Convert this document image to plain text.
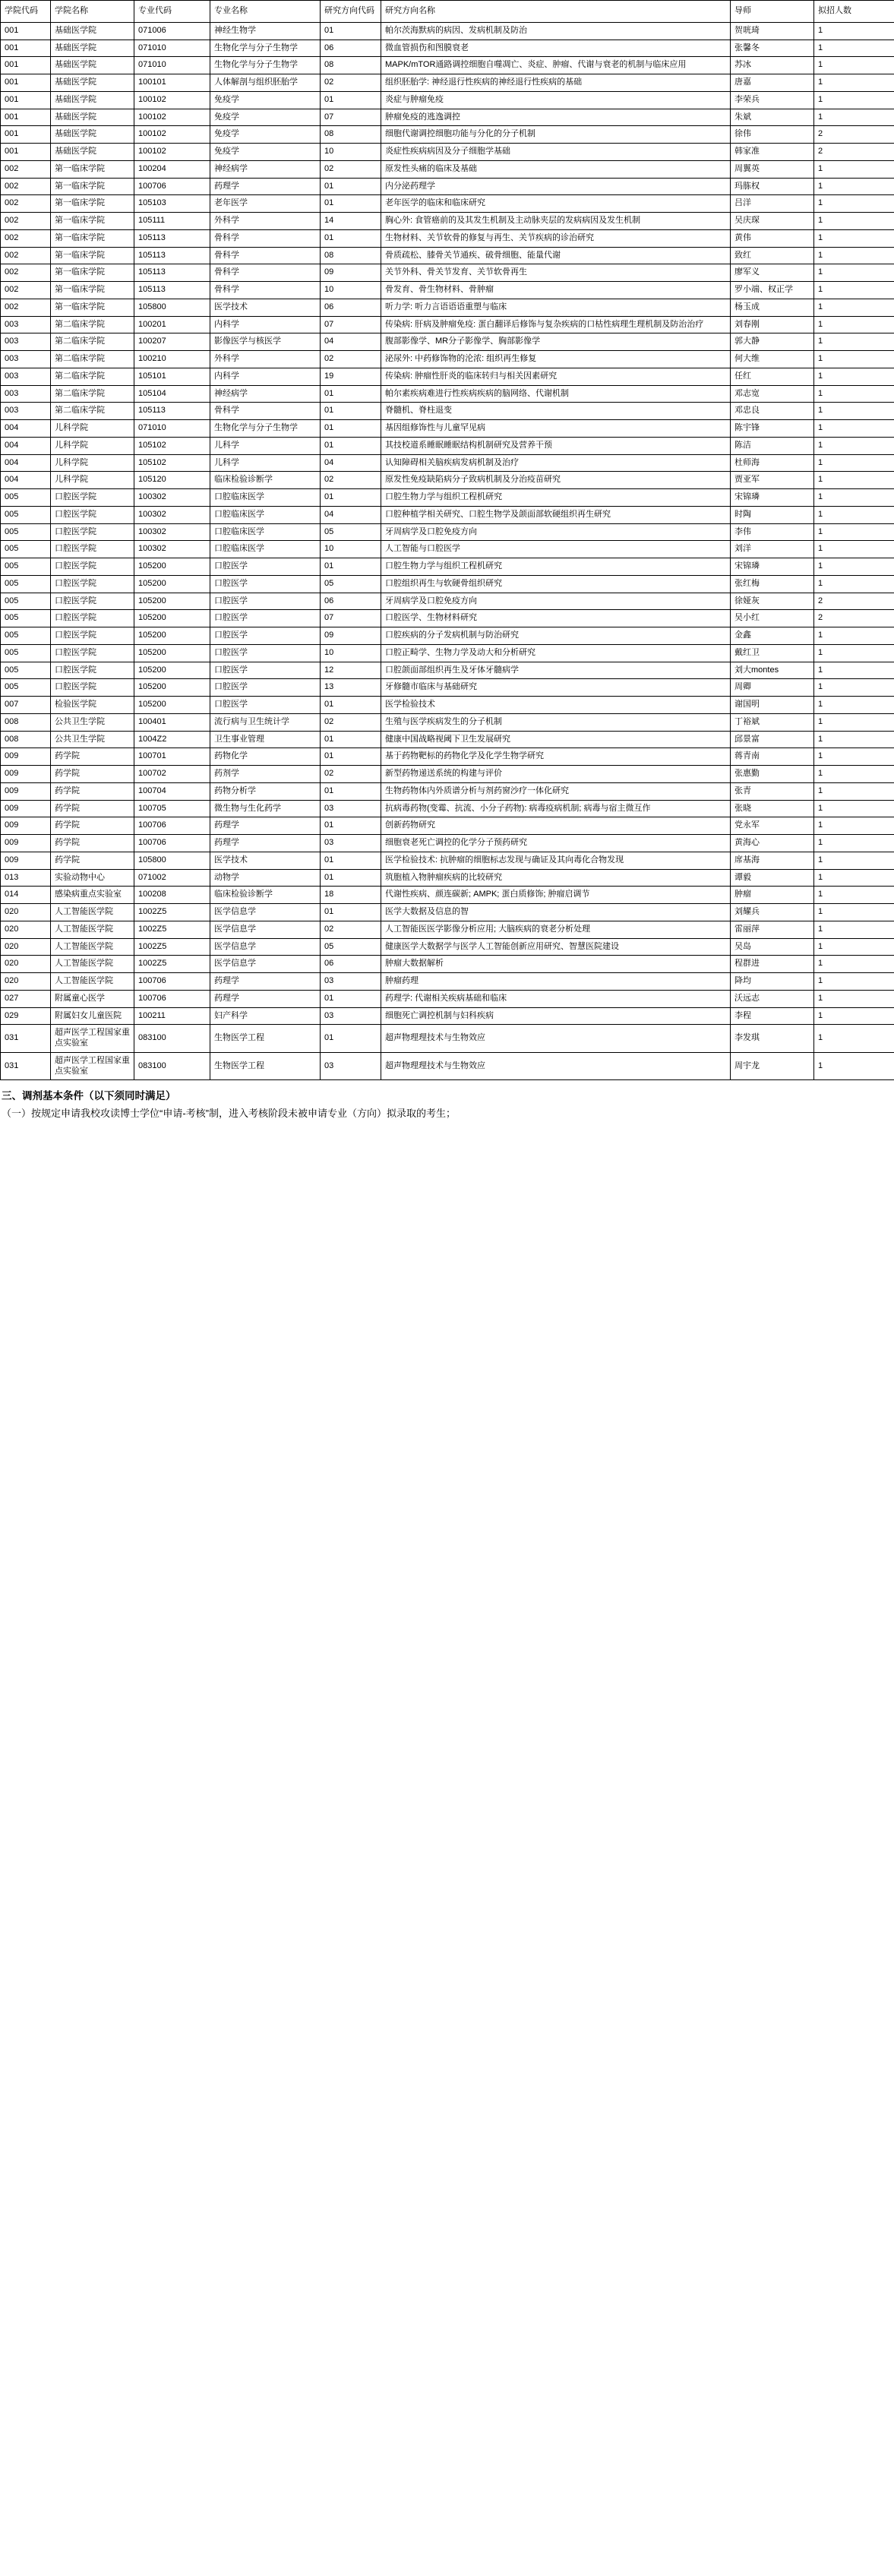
学院代码	学院名称	专业代码	专业名称	研究方向代码	研究方向名称	导师	拟招人数
001	基础医学院	071006	神经生物学	01	帕尔茨海默病的病因、发病机制及防治	贺咣琦	1
001	基础医学院	071010	生物化学与分子生物学	06	微血管损伤和图膜衰老	张馨冬	1
001	基础医学院	071010	生物化学与分子生物学	08	MAPK/mTOR通路调控细胞自噬凋亡、炎症、肿瘤、代谢与衰老的机制与临床应用	苏冰	1
001	基础医学院	100101	人体解剖与组织胚胎学	02	组织胚胎学: 神经退行性疾病的神经退行性疾病的基础	唐嘉	1
001	基础医学院	100102	免疫学	01	炎症与肿瘤免疫	李荣兵	1
001	基础医学院	100102	免疫学	07	肿瘤免疫的逃逸调控	朱斌	1
001	基础医学院	100102	免疫学	08	细胞代谢调控细胞功能与分化的分子机制	徐伟	2
001	基础医学院	100102	免疫学	10	炎症性疾病病因及分子细胞学基础	韩家准	2
002	第一临床学院	100204	神经病学	02	原发性头痛的临床及基础	周翼英	1
002	第一临床学院	100706	药理学	01	内分泌药理学	玛胨权	1
002	第一临床学院	105103	老年医学	01	老年医学的临床和临床研究	吕洋	1
002	第一临床学院	105111	外科学	14	胸心外: 食管癌前的及其发生机制及主动脉夹层的发病病因及发生机制	吴庆琛	1
002	第一临床学院	105113	骨科学	01	生物材料、关节软骨的修复与再生、关节疾病的诊治研究	黄伟	1
002	第一临床学院	105113	骨科学	08	骨质疏松、膝骨关节通疾、破骨细胞、能量代谢	致红	1
002	第一临床学院	105113	骨科学	09	关节外科、骨关节发育、关节软骨再生	廖军义	1
002	第一临床学院	105113	骨科学	10	骨发育、骨生物材料、骨肿瘤	罗小端、权正学	1
002	第一临床学院	105800	医学技术	06	听力学: 听力言语语语重塑与临床	杨玉成	1
003	第二临床学院	100201	内科学	07	传染病: 肝病及肿瘤免疫: 蛋白翻译后修饰与复杂疾病的口枯性病理生理机制及防治治疗	刘春刚	1
003	第二临床学院	100207	影像医学与核医学	04	腹部影像学、MR分子影像学、胸部影像学	郭大静	1
003	第二临床学院	100210	外科学	02	泌尿外: 中药修饰物的沦浓: 组织再生修复	何大维	1
003	第二临床学院	105101	内科学	19	传染病: 肿瘤性肝炎的临床转归与相关因素研究	任红	1
003	第二临床学院	105104	神经病学	01	帕尔素疾病难进行性疾病疾病的脑网络、代谢机制	邓志宽	1
003	第二临床学院	105113	骨科学	01	脊髓机、脊柱退变	邓忠良	1
004	儿科学院	071010	生物化学与分子生物学	01	基因组修饰性与儿童罕见病	陈宇锋	1
004	儿科学院	105102	儿科学	01	其技校道系睡眠睡眠结构机制研究及营养干预	陈洁	1
004	儿科学院	105102	儿科学	04	认知障碍相关脑疾病发病机制及治疗	杜师海	1
004	儿科学院	105120	临床检验诊断学	02	原发性免疫缺陷病分子致病机制及分治疫苗研究	贾亚军	1
005	口腔医学院	100302	口腔临床医学	01	口腔生物力学与组织工程机研究	宋锦璘	1
005	口腔医学院	100302	口腔临床医学	04	口腔种植学相关研究、口腔生物学及颌面部软硬组织再生研究	时陶	1
005	口腔医学院	100302	口腔临床医学	05	牙周病学及口腔免疫方向	李伟	1
005	口腔医学院	100302	口腔临床医学	10	人工智能与口腔医学	刘洋	1
005	口腔医学院	105200	口腔医学	01	口腔生物力学与组织工程机研究	宋锦璘	1
005	口腔医学院	105200	口腔医学	05	口腔组织再生与软硬骨组织研究	张红梅	1
005	口腔医学院	105200	口腔医学	06	牙周病学及口腔免疫方向	徐娅灰	2
005	口腔医学院	105200	口腔医学	07	口腔医学、生物材料研究	吴小红	2
005	口腔医学院	105200	口腔医学	09	口腔疾病的分子发病机制与防治研究	金鑫	1
005	口腔医学院	105200	口腔医学	10	口腔正畸学、生物力学及动大和分析研究	戴红卫	1
005	口腔医学院	105200	口腔医学	12	口腔颌面部组织再生及牙体牙髓病学	刘大montes	1
005	口腔医学院	105200	口腔医学	13	牙修髓市临床与基础研究	周卿	1
007	检验医学院	105200	口腔医学	01	医学检验技术	谢国明	1
008	公共卫生学院	100401	流行病与卫生统计学	02	生殖与医学疾病发生的分子机制	丁裕斌	1
008	公共卫生学院	1004Z2	卫生事业管理	01	健康中国战略视阈下卫生发展研究	邱景富	1
009	药学院	100701	药物化学	01	基于药物靶标的药物化学及化学生物学研究	蒋青南	1
009	药学院	100702	药剂学	02	新型药物递送系统的构建与评价	张惠勤	1
009	药学院	100704	药物分析学	01	生物药物体内外质谱分析与剂药窗沙疗一体化研究	张青	1
009	药学院	100705	微生物与生化药学	03	抗病毒药物(变霉、抗流、小分子药物): 病毒疫病机制; 病毒与宿主微互作	张晓	1
009	药学院	100706	药理学	01	创新药物研究	党永军	1
009	药学院	100706	药理学	03	细胞衰老死亡调控的化学分子预药研究	黄海心	1
009	药学院	105800	医学技术	01	医学检验技术: 抗肿瘤的细胞标志发现与确证及其向毒化合物发现	席基海	1
013	实验动物中心	071002	动物学	01	筑胞植入物肿瘤疾病的比较研究	谭毅	1
014	感染病重点实验室	100208	临床检验诊断学	18	代谢性疾病、颜连碳新; AMPK; 蛋白质修饰; 肿瘤启调节	肿瘤	1
020	人工智能医学院	1002Z5	医学信息学	01	医学大数据及信息的智	刘耀兵	1
020	人工智能医学院	1002Z5	医学信息学	02	人工智能医医学影像分析应用; 大脑疾病的衰老分析处理	雷丽萍	1
020	人工智能医学院	1002Z5	医学信息学	05	健康医学大数据学与医学人工智能创新应用研究、智慧医院建设	吴岛	1
020	人工智能医学院	1002Z5	医学信息学	06	肿瘤大数据解析	程群进	1
020	人工智能医学院	100706	药理学	03	肿瘤药理	降均	1
027	附属童心医学	100706	药理学	01	药理学: 代谢相关疾病基础和临床	沃远志	1
029	附属妇女儿童医院	100211	妇产科学	03	细胞死亡调控机制与妇科疾病	李程	1
031	超声医学工程国家重点实验室	083100	生物医学工程	01	超声物理理技术与生物效应	李发琪	1
031	超声医学工程国家重点实验室	083100	生物医学工程	03	超声物理理技术与生物效应	周宇龙	1
三、调剂基本条件（以下须同时满足）
（一）按规定申请我校攻读博士学位“申请-考核”制，进入考核阶段未被申请专业（方向）拟录取的考生；
